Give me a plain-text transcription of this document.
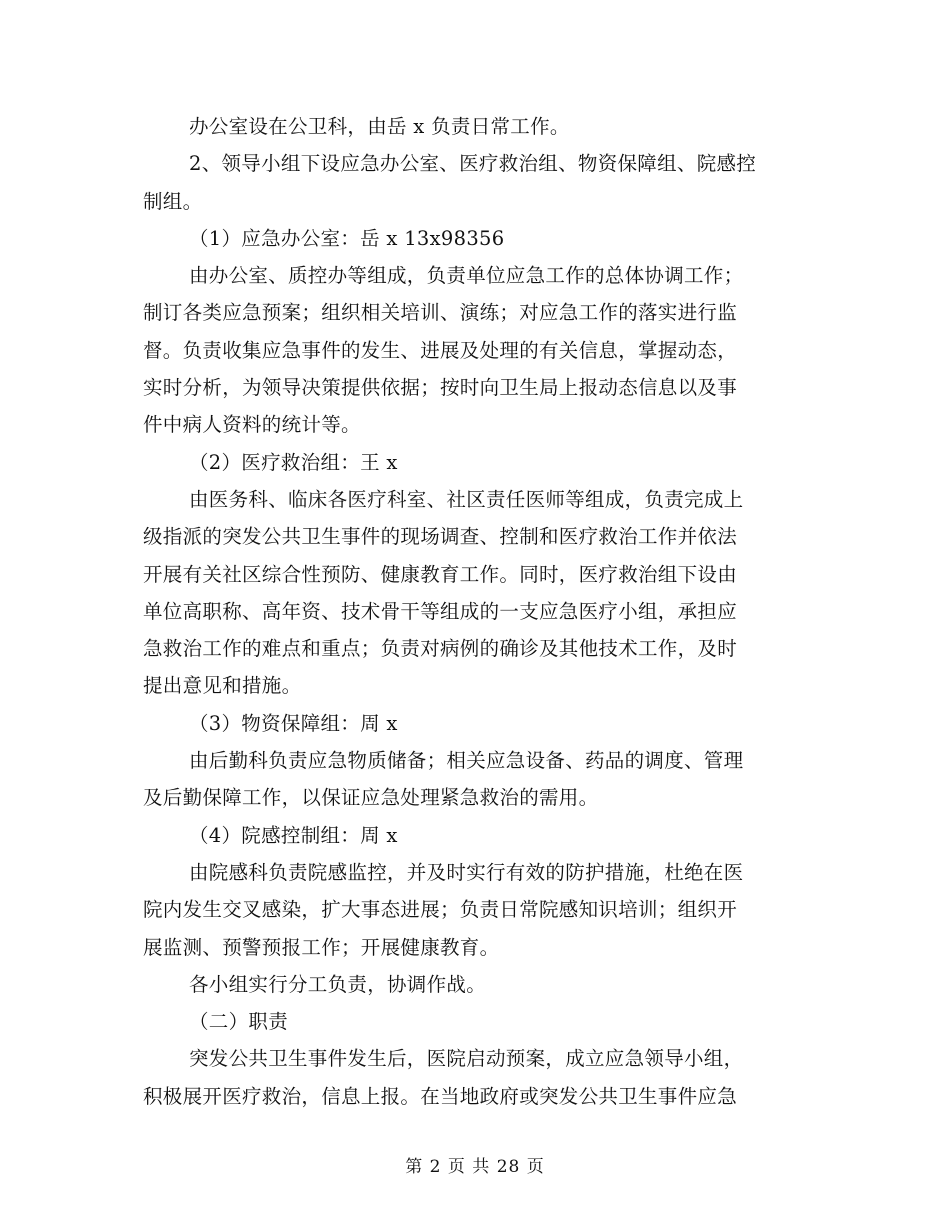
办公室设在公卫科，由岳 x 负责日常工作。
2、领导小组下设应急办公室、医疗救治组、物资保障组、院感控
制组。
（1）应急办公室：岳 x 13x98356
由办公室、质控办等组成，负责单位应急工作的总体协调工作；
制订各类应急预案；组织相关培训、演练；对应急工作的落实进行监
督。负责收集应急事件的发生、进展及处理的有关信息，掌握动态，
实时分析，为领导决策提供依据；按时向卫生局上报动态信息以及事
件中病人资料的统计等。
（2）医疗救治组：王 x
由医务科、临床各医疗科室、社区责任医师等组成，负责完成上
级指派的突发公共卫生事件的现场调查、控制和医疗救治工作并依法
开展有关社区综合性预防、健康教育工作。同时，医疗救治组下设由
单位高职称、高年资、技术骨干等组成的一支应急医疗小组，承担应
急救治工作的难点和重点；负责对病例的确诊及其他技术工作，及时
提出意见和措施。
（3）物资保障组：周 x
由后勤科负责应急物质储备；相关应急设备、药品的调度、管理
及后勤保障工作，以保证应急处理紧急救治的需用。
（4）院感控制组：周 x
由院感科负责院感监控，并及时实行有效的防护措施，杜绝在医
院内发生交叉感染，扩大事态进展；负责日常院感知识培训；组织开
展监测、预警预报工作；开展健康教育。
各小组实行分工负责，协调作战。
（二）职责
突发公共卫生事件发生后，医院启动预案，成立应急领导小组，
积极展开医疗救治，信息上报。在当地政府或突发公共卫生事件应急
第 2 页 共 28 页
